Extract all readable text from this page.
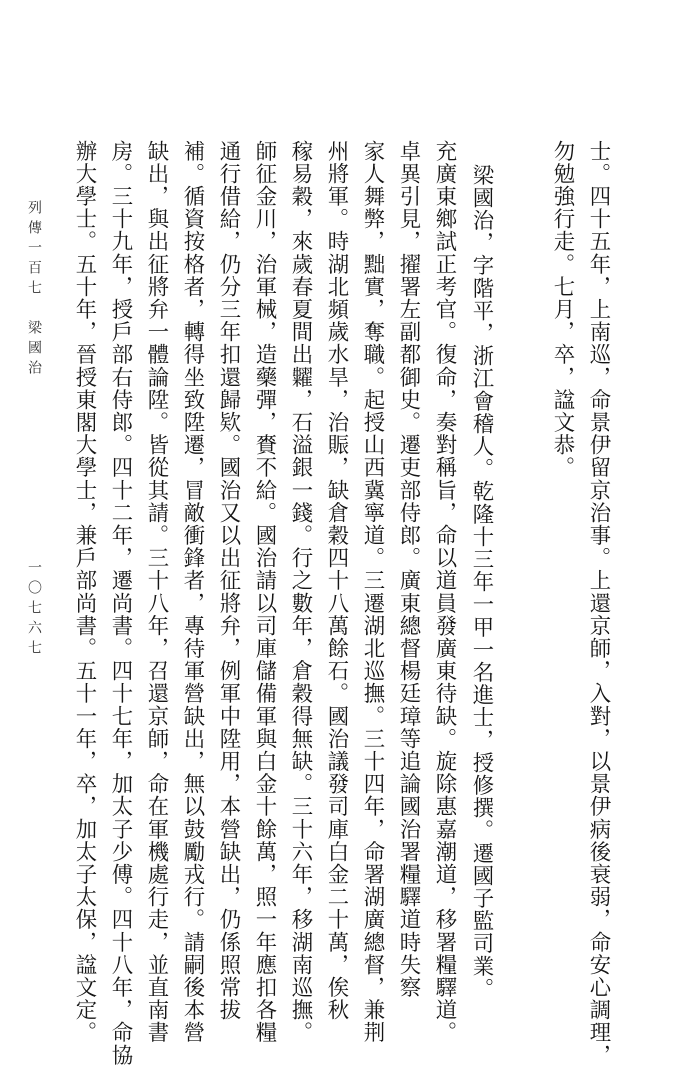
士。四十五年，上南巡，命景伊留京治事。上還京師，入對，以景伊病後衰弱，命安心調理，
勿勉強行走。七月，卒，諡文恭。
梁國治，字階平，浙江會稽人。乾隆十三年一甲一名進士，授修撰。遷國子監司業。
充廣東鄉試正考官。復命，奏對稱旨，命以道員發廣東待缺。旋除惠嘉潮道，移署糧驛道。
卓異引見，擢署左副都御史。遷吏部侍郎。廣東總督楊廷璋等追論國治署糧驛道時失察
家人舞弊，黜實，奪職。起授山西冀寧道。三遷湖北巡撫。三十四年，命署湖廣總督，兼荆
州將軍。時湖北頻歲水旱，治賑，缺倉穀四十八萬餘石。國治議發司庫白金二十萬，俟秋
稼易穀，來歲春夏間出糶，石溢銀一錢。行之數年，倉穀得無缺。三十六年，移湖南巡撫。
師征金川，治軍械，造藥彈，賚不給。國治請以司庫儲備軍與白金十餘萬，照一年應扣各糧
通行借給，仍分三年扣還歸欵。國治又以出征將弁，例軍中陞用，本營缺出，仍係照常拔
補。循資按格者，轉得坐致陞遷，冒敵衝鋒者，專待軍營缺出，無以鼓勵戎行。請嗣後本營
缺出，與出征將弁一體論陞。皆從其請。三十八年，召還京師，命在軍機處行走，並直南書
房。三十九年，授戶部右侍郎。四十二年，遷尚書。四十七年，加太子少傅。四十八年，命協
辦大學士。五十年，晉授東閣大學士，兼戶部尚書。五十一年，卒，加太子太保，諡文定。
列傳一百七　梁國治
一〇七六七
